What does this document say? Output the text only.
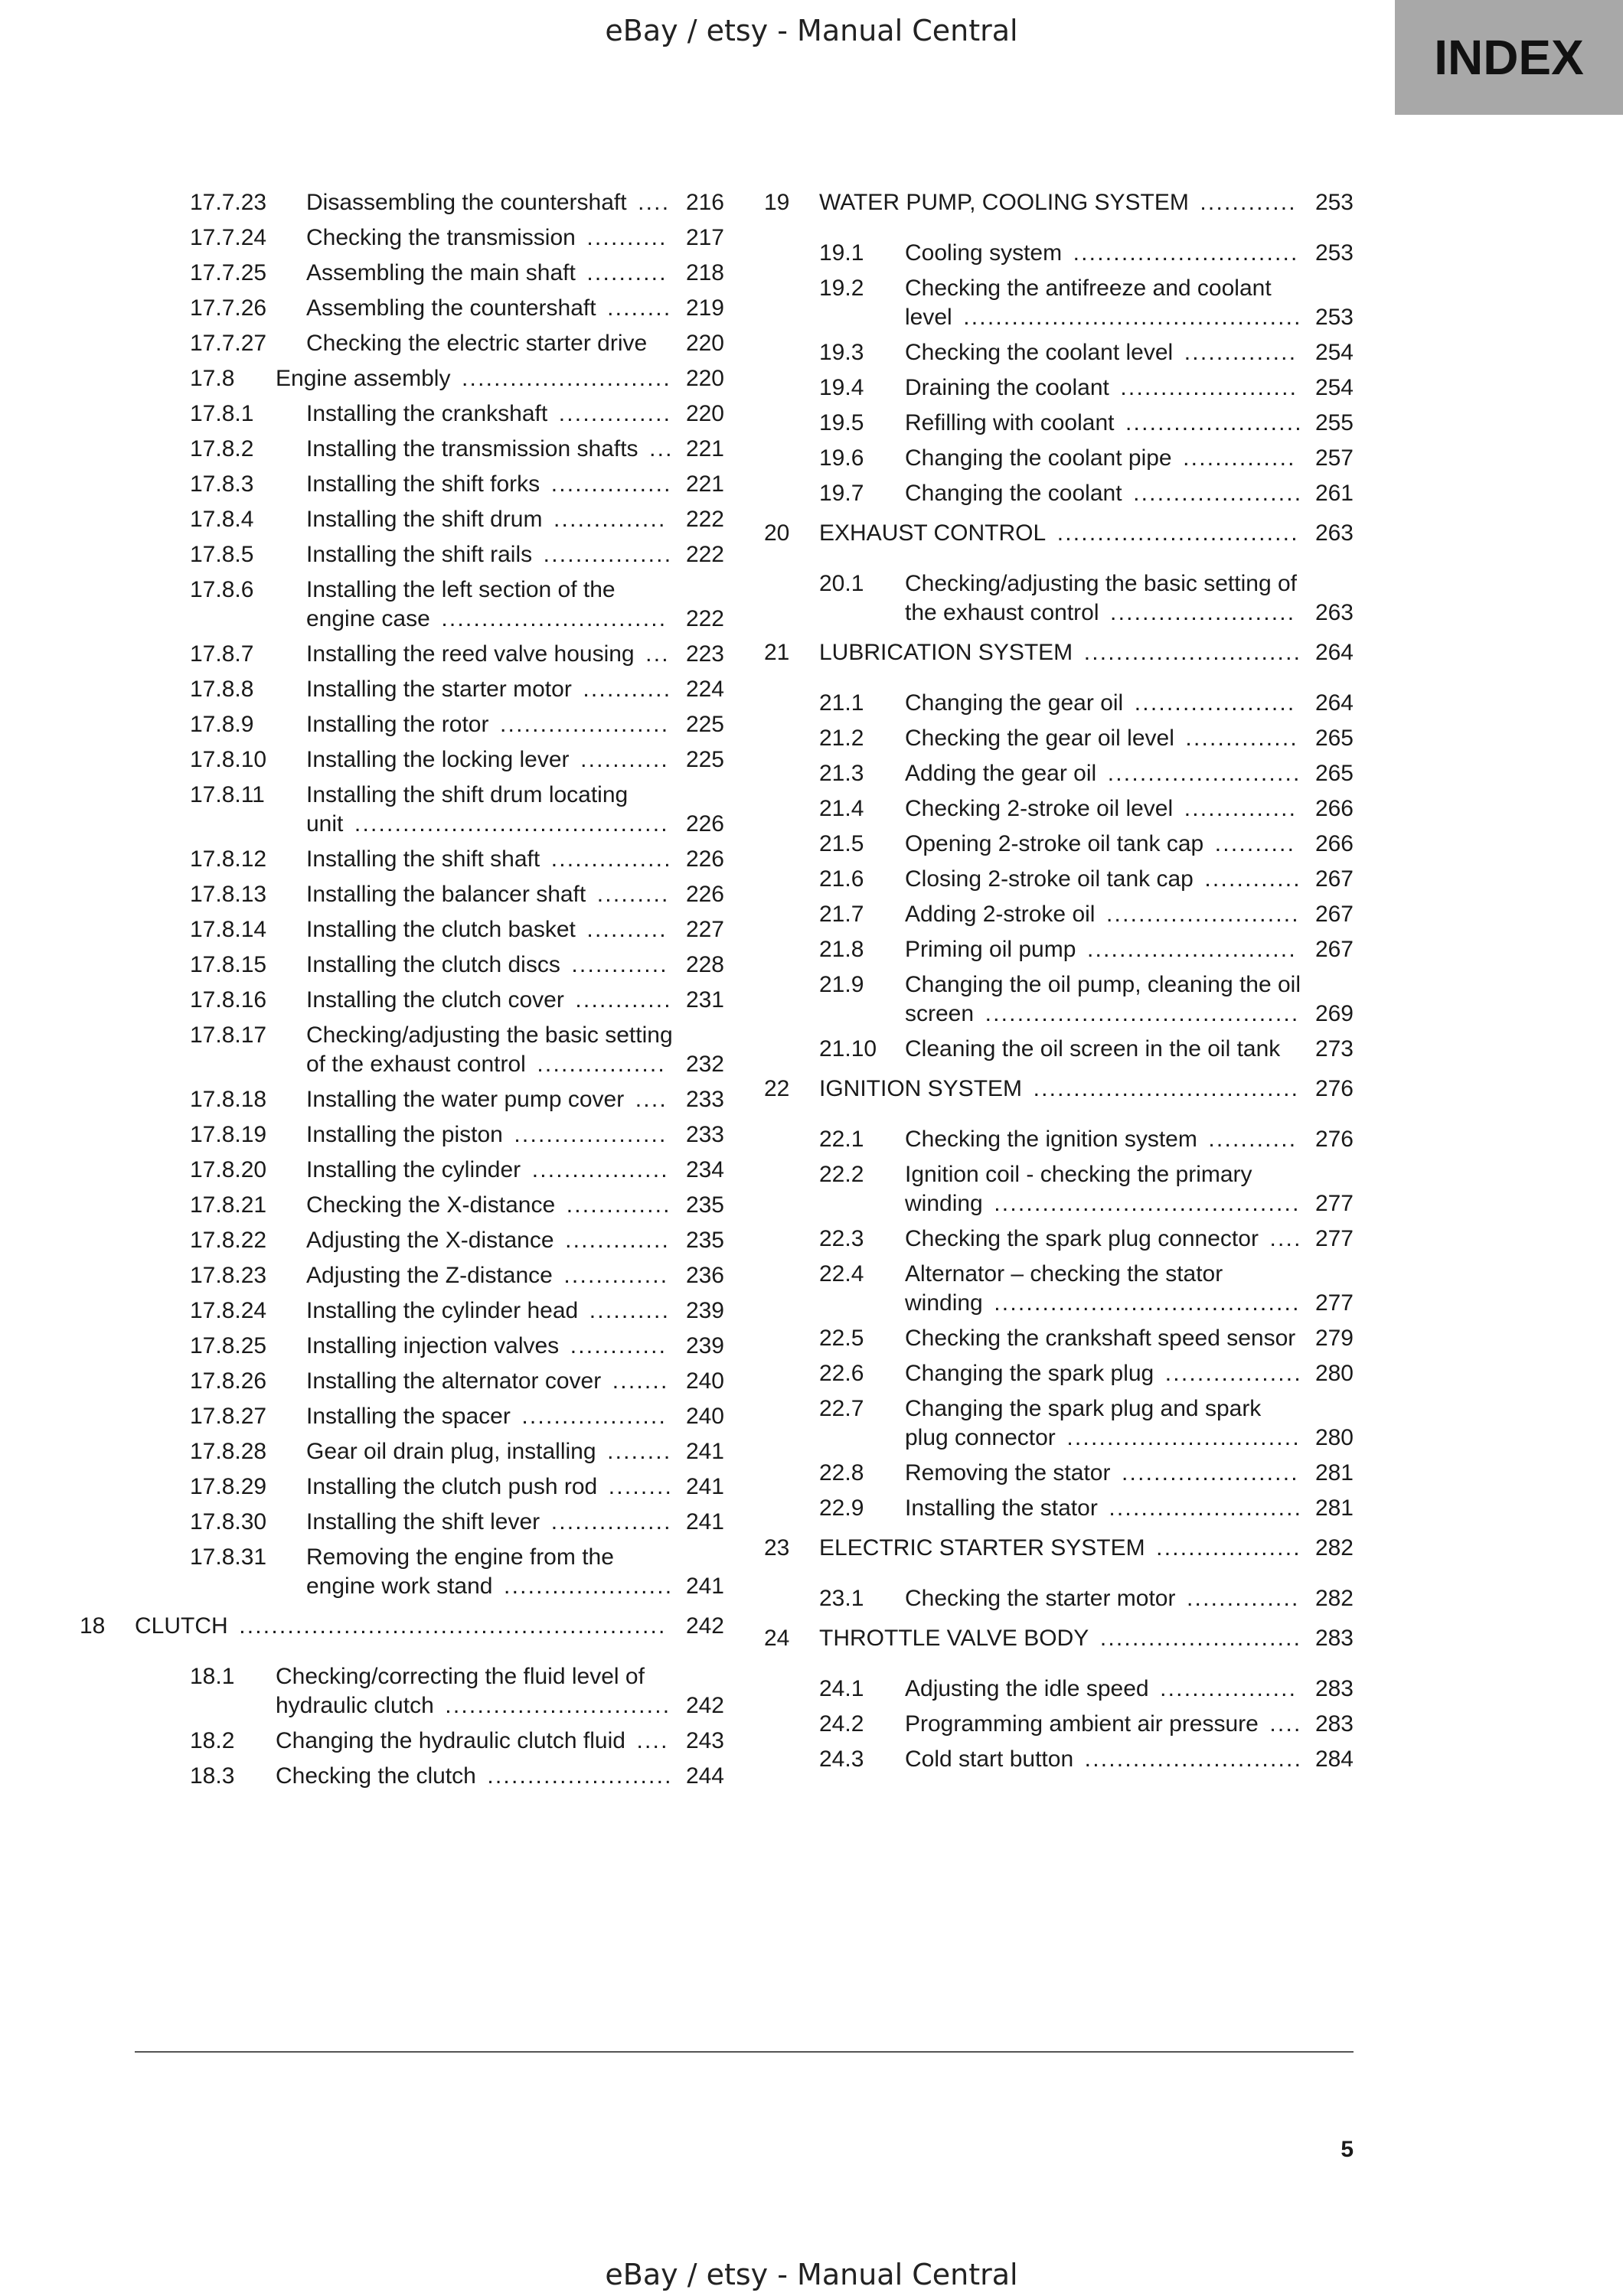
eBay / etsy - Manual Central	INDEX
17.7.23	Disassembling the countershaft .... 216
17.7.24	Checking the transmission .......... 217
17.7.25	Assembling the main shaft .......... 218
17.7.26	Assembling the countershaft ........ 219
17.7.27	Checking the electric starter drive	220
17.8	Engine assembly .......................... 220
17.8.1	Installing the crankshaft .............. 220
17.8.2	Installing the transmission shafts ... 221
17.8.3	Installing the shift forks ............... 221
17.8.4	Installing the shift drum .............. 222
17.8.5	Installing the shift rails ................ 222
17.8.6	Installing the left section of the engine case ............................ 222
17.8.7	Installing the reed valve housing ... 223
17.8.8	Installing the starter motor ........... 224
17.8.9	Installing the rotor ..................... 225
17.8.10	Installing the locking lever ........... 225
17.8.11	Installing the shift drum locating unit ....................................... 226
17.8.12	Installing the shift shaft ............... 226
17.8.13	Installing the balancer shaft ......... 226
17.8.14	Installing the clutch basket .......... 227
17.8.15	Installing the clutch discs ............ 228
17.8.16	Installing the clutch cover ............ 231
17.8.17	Checking/adjusting the basic setting of the exhaust control ................ 232
17.8.18	Installing the water pump cover .... 233
17.8.19	Installing the piston ................... 233
17.8.20	Installing the cylinder ................. 234
17.8.21	Checking the X-distance ............. 235
17.8.22	Adjusting the X-distance ............. 235
17.8.23	Adjusting the Z-distance ............. 236
17.8.24	Installing the cylinder head .......... 239
17.8.25	Installing injection valves ............ 239
17.8.26	Installing the alternator cover ....... 240
17.8.27	Installing the spacer .................. 240
17.8.28	Gear oil drain plug, installing ........ 241
17.8.29	Installing the clutch push rod ........ 241
17.8.30	Installing the shift lever ............... 241
17.8.31	Removing the engine from the engine work stand ..................... 241
18	CLUTCH ..................................................... 242
18.1	Checking/correcting the fluid level of hydraulic clutch ............................ 242
18.2	Changing the hydraulic clutch fluid .... 243
18.3	Checking the clutch ....................... 244
19	WATER PUMP, COOLING SYSTEM ............ 253
19.1	Cooling system ............................ 253
19.2	Checking the antifreeze and coolant level .......................................... 253
19.3	Checking the coolant level .............. 254
19.4	Draining the coolant ...................... 254
19.5	Refilling with coolant ...................... 255
19.6	Changing the coolant pipe .............. 257
19.7	Changing the coolant ..................... 261
20	EXHAUST CONTROL .............................. 263
20.1	Checking/adjusting the basic setting of the exhaust control ....................... 263
21	LUBRICATION SYSTEM ........................... 264
21.1	Changing the gear oil .................... 264
21.2	Checking the gear oil level .............. 265
21.3	Adding the gear oil ........................ 265
21.4	Checking 2-stroke oil level .............. 266
21.5	Opening 2-stroke oil tank cap .......... 266
21.6	Closing 2-stroke oil tank cap ............ 267
21.7	Adding 2-stroke oil ........................ 267
21.8	Priming oil pump .......................... 267
21.9	Changing the oil pump, cleaning the oil screen ....................................... 269
21.10	Cleaning the oil screen in the oil tank	273
22	IGNITION SYSTEM ................................. 276
22.1	Checking the ignition system ........... 276
22.2	Ignition coil - checking the primary winding ...................................... 277
22.3	Checking the spark plug connector .... 277
22.4	Alternator – checking the stator winding ...................................... 277
22.5	Checking the crankshaft speed sensor 279
22.6	Changing the spark plug ................. 280
22.7	Changing the spark plug and spark plug connector ............................. 280
22.8	Removing the stator ...................... 281
22.9	Installing the stator ........................ 281
23	ELECTRIC STARTER SYSTEM .................. 282
23.1	Checking the starter motor .............. 282
24	THROTTLE VALVE BODY ......................... 283
24.1	Adjusting the idle speed ................. 283
24.2	Programming ambient air pressure .... 283
24.3	Cold start button ........................... 284
5
eBay / etsy - Manual Central
